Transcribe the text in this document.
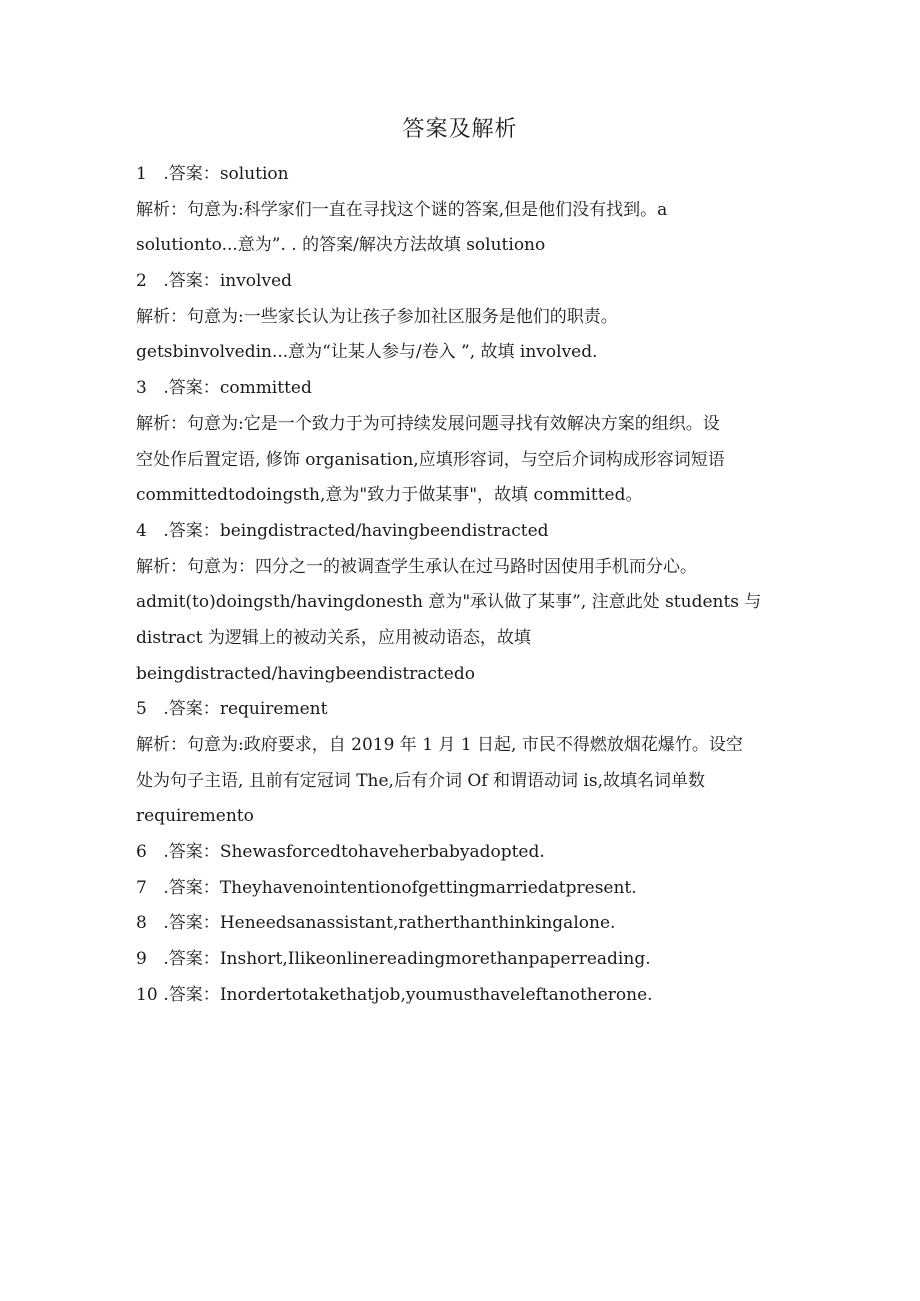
答案及解析
1 .答案：solution
解析：句意为:科学家们一直在寻找这个谜的答案,但是他们没有找到。a
solutionto...意为”. . 的答案/解决方法故填 solutiono
2 .答案：involved
解析：句意为:一些家长认为让孩子参加社区服务是他们的职责。
getsbinvolvedin...意为“让某人参与/卷入 ”, 故填 involved.
3 .答案：committed
解析：句意为:它是一个致力于为可持续发展问题寻找有效解决方案的组织。设
空处作后置定语, 修饰 organisation,应填形容词，与空后介词构成形容词短语
committedtodoingsth,意为"致力于做某事"，故填 committed。
4 .答案：beingdistracted/havingbeendistracted
解析：句意为：四分之一的被调查学生承认在过马路时因使用手机而分心。
admit(to)doingsth/havingdonesth 意为"承认做了某事”, 注意此处 students 与
distract 为逻辑上的被动关系，应用被动语态，故填
beingdistracted/havingbeendistractedo
5 .答案：requirement
解析：句意为:政府要求，自 2019 年 1 月 1 日起, 市民不得燃放烟花爆竹。设空
处为句子主语, 且前有定冠词 The,后有介词 Of 和谓语动词 is,故填名词单数
requiremento
6 .答案：Shewasforcedtohaveherbabyadopted.
7 .答案：Theyhavenointentionofgettingmarriedatpresent.
8 .答案：Heneedsanassistant,ratherthanthinkingalone.
9 .答案：Inshort,Ilikeonlinereadingmorethanpaperreading.
10 .答案：Inordertotakethatjob,youmusthaveleftanotherone.
